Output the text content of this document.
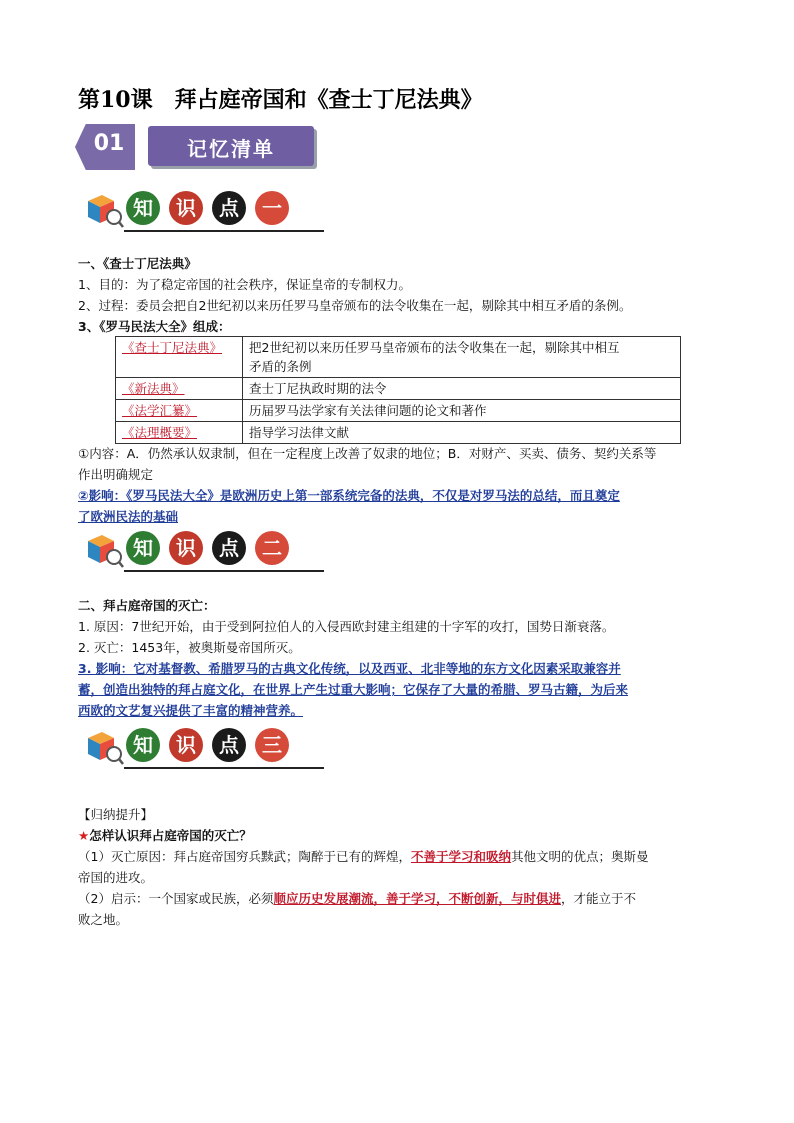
第10课 拜占庭帝国和《查士丁尼法典》
01	记忆清单
知	识	点	一
一、《查士丁尼法典》
1、目的：为了稳定帝国的社会秩序，保证皇帝的专制权力。
2、过程：委员会把自2世纪初以来历任罗马皇帝颁布的法令收集在一起，剔除其中相互矛盾的条例。
3、《罗马民法大全》组成：
《查士丁尼法典》	把2世纪初以来历任罗马皇帝颁布的法令收集在一起，剔除其中相互
矛盾的条例
《新法典》	查士丁尼执政时期的法令
《法学汇纂》	历届罗马法学家有关法律问题的论文和著作
《法理概要》	指导学习法律文献
①内容：A．仍然承认奴隶制，但在一定程度上改善了奴隶的地位；B．对财产、买卖、债务、契约关系等
作出明确规定
②影响：《罗马民法大全》是欧洲历史上第一部系统完备的法典，不仅是对罗马法的总结，而且奠定
了欧洲民法的基础
知	识	点	二
二、拜占庭帝国的灭亡：
1. 原因：7世纪开始，由于受到阿拉伯人的入侵西欧封建主组建的十字军的攻打，国势日渐衰落。
2. 灭亡：1453年，被奥斯曼帝国所灭。
3. 影响：它对基督教、希腊罗马的古典文化传统，以及西亚、北非等地的东方文化因素采取兼容并
蓄，创造出独特的拜占庭文化，在世界上产生过重大影响；它保存了大量的希腊、罗马古籍，为后来
西欧的文艺复兴提供了丰富的精神营养。
知	识	点	三
【归纳提升】
★怎样认识拜占庭帝国的灭亡？
（1）灭亡原因：拜占庭帝国穷兵黩武；陶醉于已有的辉煌，不善于学习和吸纳其他文明的优点；奥斯曼
帝国的进攻。
（2）启示：一个国家或民族，必须顺应历史发展潮流，善于学习，不断创新，与时俱进，才能立于不
败之地。
